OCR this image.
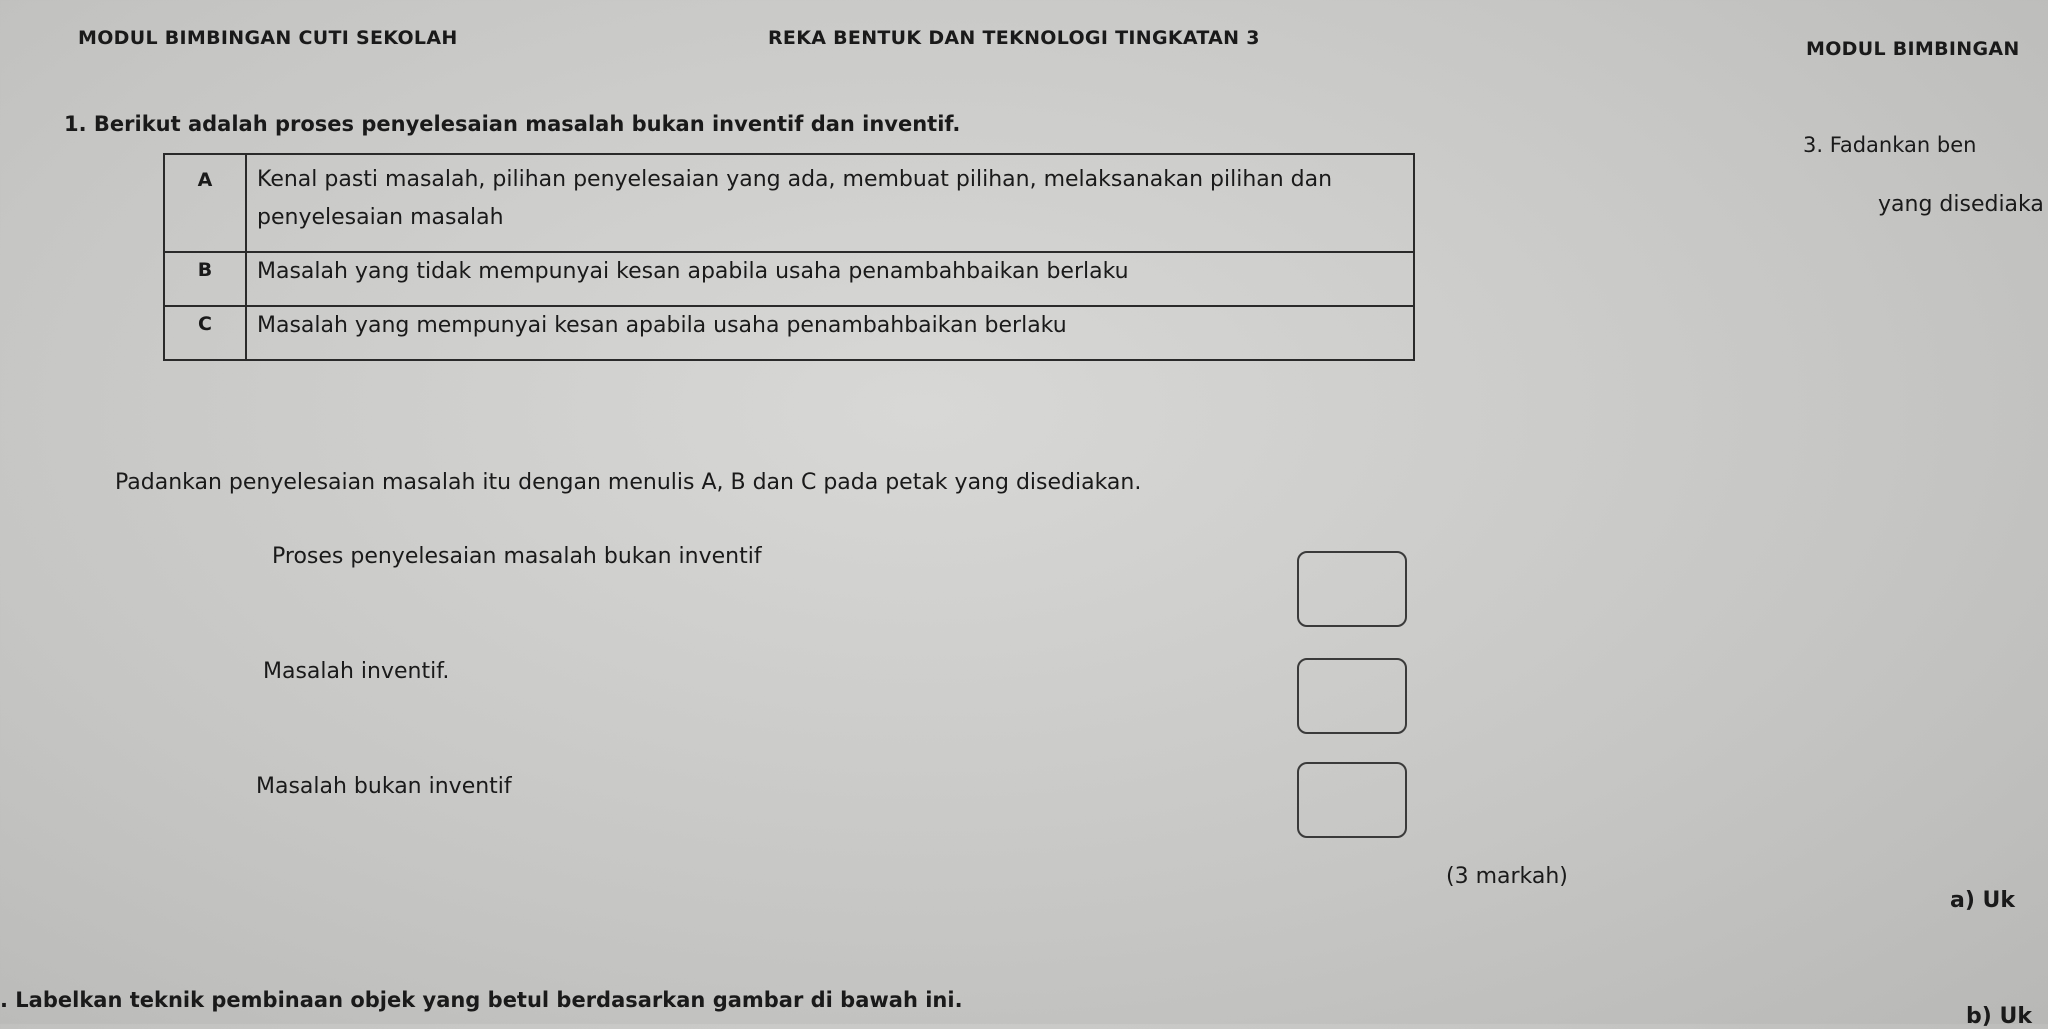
MODUL BIMBINGAN CUTI SEKOLAH	REKA BENTUK DAN TEKNOLOGI TINGKATAN 3	MODUL BIMBINGAN
1. Berikut adalah proses penyelesaian masalah bukan inventif dan inventif.
A	Kenal pasti masalah, pilihan penyelesaian yang ada, membuat pilihan, melaksanakan pilihan dan penyelesaian masalah
B	Masalah yang tidak mempunyai kesan apabila usaha penambahbaikan berlaku
C	Masalah yang mempunyai kesan apabila usaha penambahbaikan berlaku
Padankan penyelesaian masalah itu dengan menulis A, B dan C pada petak yang disediakan.
Proses penyelesaian masalah bukan inventif
Masalah inventif.
Masalah bukan inventif
(3 markah)
. Labelkan teknik pembinaan objek yang betul berdasarkan gambar di bawah ini.
3. Fadankan ben
yang disediaka
a) Uk
b) Uk
